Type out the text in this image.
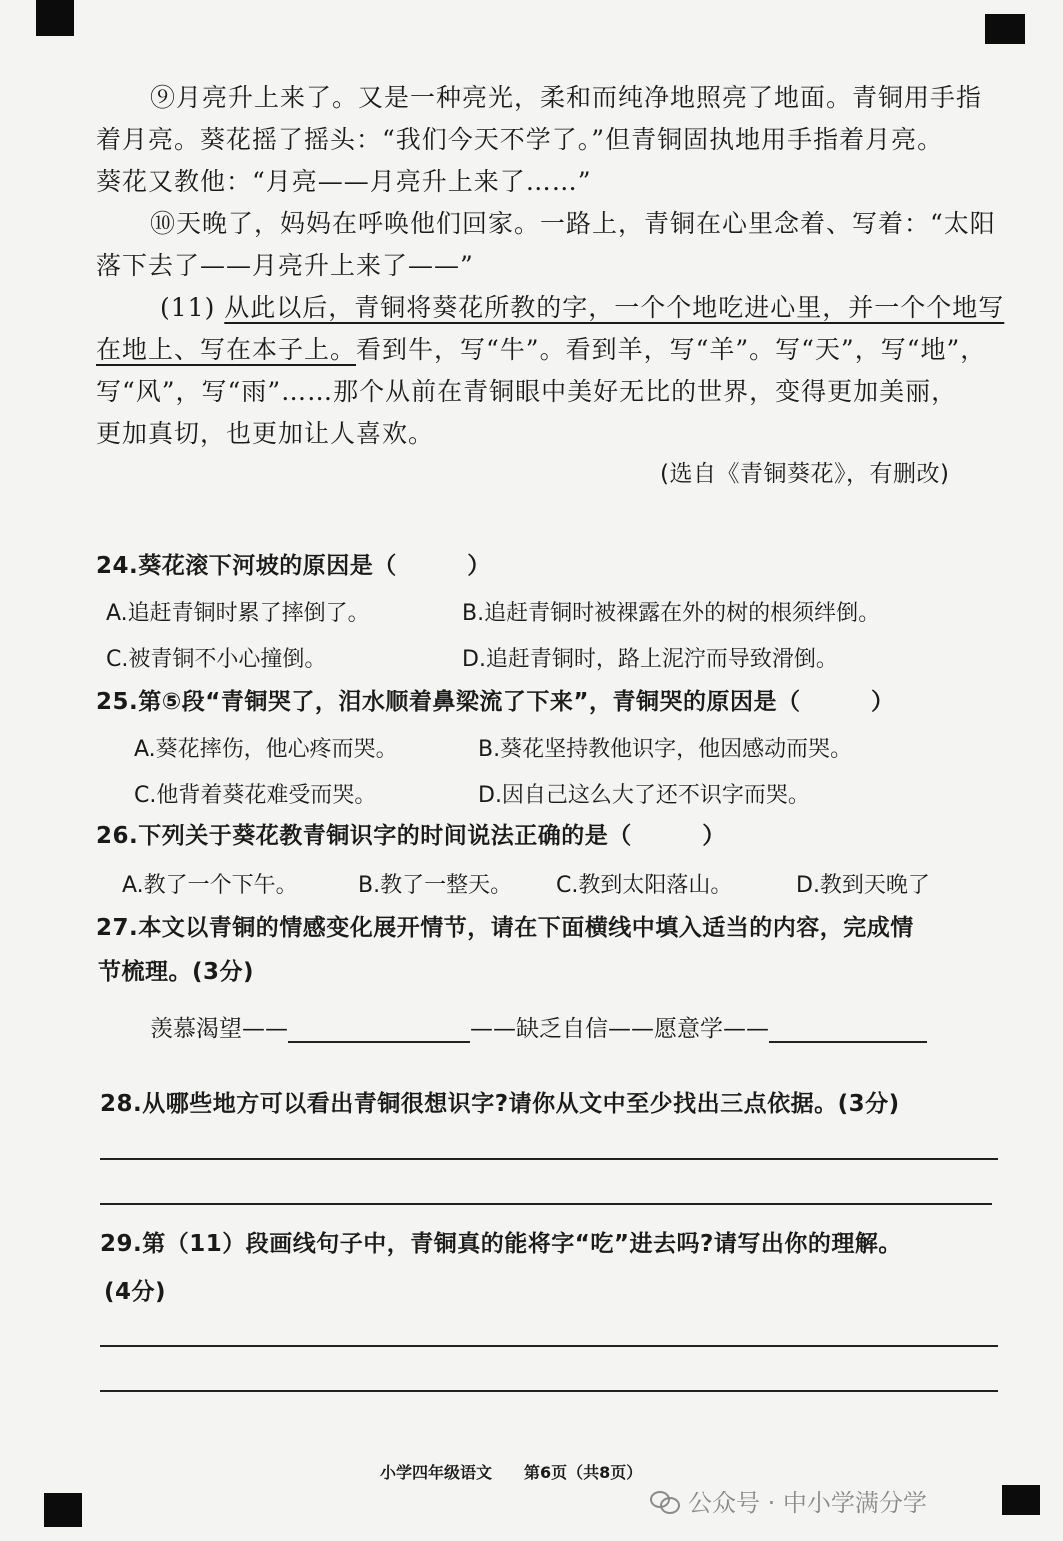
⑨月亮升上来了。又是一种亮光，柔和而纯净地照亮了地面。青铜用手指
着月亮。葵花摇了摇头：“我们今天不学了。”但青铜固执地用手指着月亮。
葵花又教他：“月亮——月亮升上来了……”
⑩天晚了，妈妈在呼唤他们回家。一路上，青铜在心里念着、写着：“太阳
落下去了——月亮升上来了——”
(11) 从此以后，青铜将葵花所教的字，一个个地吃进心里，并一个个地写
在地上、写在本子上。看到牛，写“牛”。看到羊，写“羊”。写“天”，写“地”，
写“风”，写“雨”……那个从前在青铜眼中美好无比的世界，变得更加美丽，
更加真切，也更加让人喜欢。
(选自《青铜葵花》，有删改)
24.葵花滚下河坡的原因是（　　　）
A.追赶青铜时累了摔倒了。	B.追赶青铜时被裸露在外的树的根须绊倒。
C.被青铜不小心撞倒。	D.追赶青铜时，路上泥泞而导致滑倒。
25.第⑤段“青铜哭了，泪水顺着鼻梁流了下来”，青铜哭的原因是（　　　）
A.葵花摔伤，他心疼而哭。	B.葵花坚持教他识字，他因感动而哭。
C.他背着葵花难受而哭。	D.因自己这么大了还不识字而哭。
26.下列关于葵花教青铜识字的时间说法正确的是（　　　）
A.教了一个下午。	B.教了一整天。 C.教到太阳落山。	D.教到天晚了
27.本文以青铜的情感变化展开情节，请在下面横线中填入适当的内容，完成情
节梳理。(3分)
羡慕渴望——	——缺乏自信——愿意学——
28.从哪些地方可以看出青铜很想识字?请你从文中至少找出三点依据。(3分)
29.第（11）段画线句子中，青铜真的能将字“吃”进去吗?请写出你的理解。
(4分)
小学四年级语文　　第6页（共8页）
公众号 · 中小学满分学
